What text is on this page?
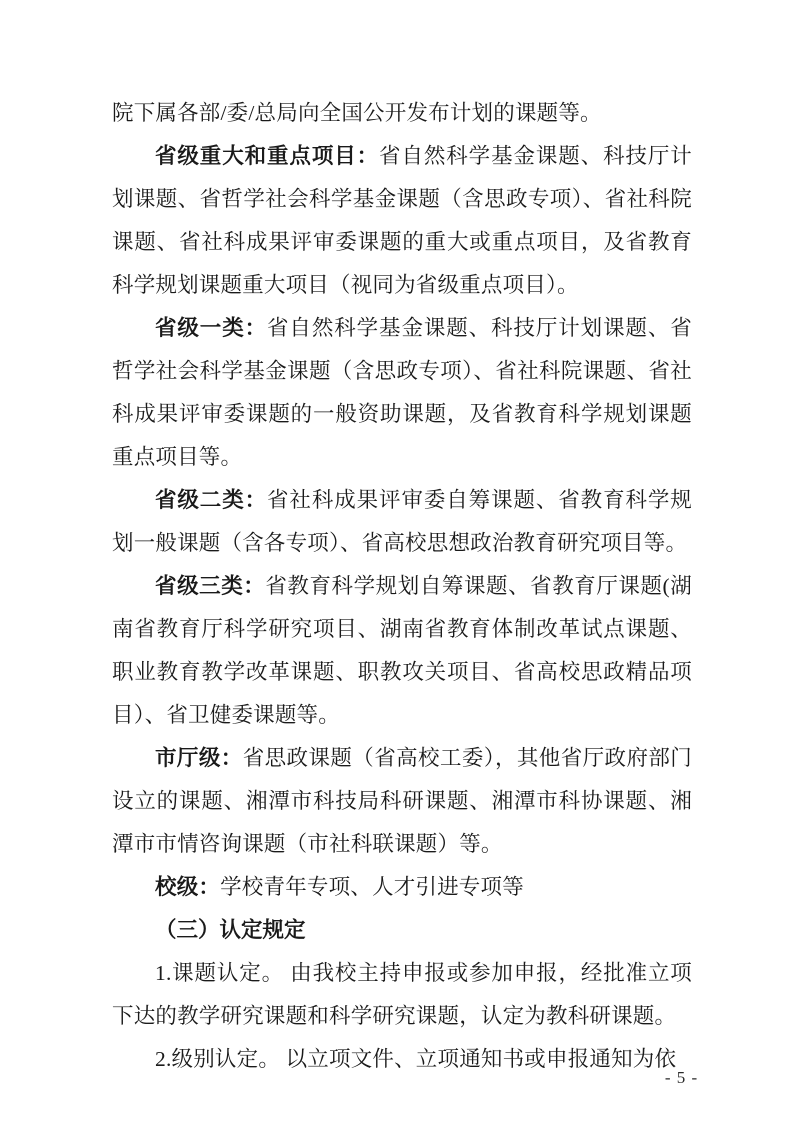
院下属各部/委/总局向全国公开发布计划的课题等。

省级重大和重点项目：省自然科学基金课题、科技厅计划课题、省哲学社会科学基金课题（含思政专项）、省社科院课题、省社科成果评审委课题的重大或重点项目，及省教育科学规划课题重大项目（视同为省级重点项目）。

省级一类：省自然科学基金课题、科技厅计划课题、省哲学社会科学基金课题（含思政专项）、省社科院课题、省社科成果评审委课题的一般资助课题，及省教育科学规划课题重点项目等。

省级二类：省社科成果评审委自筹课题、省教育科学规划一般课题（含各专项）、省高校思想政治教育研究项目等。

省级三类：省教育科学规划自筹课题、省教育厅课题(湖南省教育厅科学研究项目、湖南省教育体制改革试点课题、职业教育教学改革课题、职教攻关项目、省高校思政精品项目）、省卫健委课题等。

市厅级：省思政课题（省高校工委），其他省厅政府部门设立的课题、湘潭市科技局科研课题、湘潭市科协课题、湘潭市市情咨询课题（市社科联课题）等。

校级：学校青年专项、人才引进专项等

（三）认定规定

1.课题认定。 由我校主持申报或参加申报，经批准立项下达的教学研究课题和科学研究课题，认定为教科研课题。

2.级别认定。 以立项文件、立项通知书或申报通知为依

- 5 -
